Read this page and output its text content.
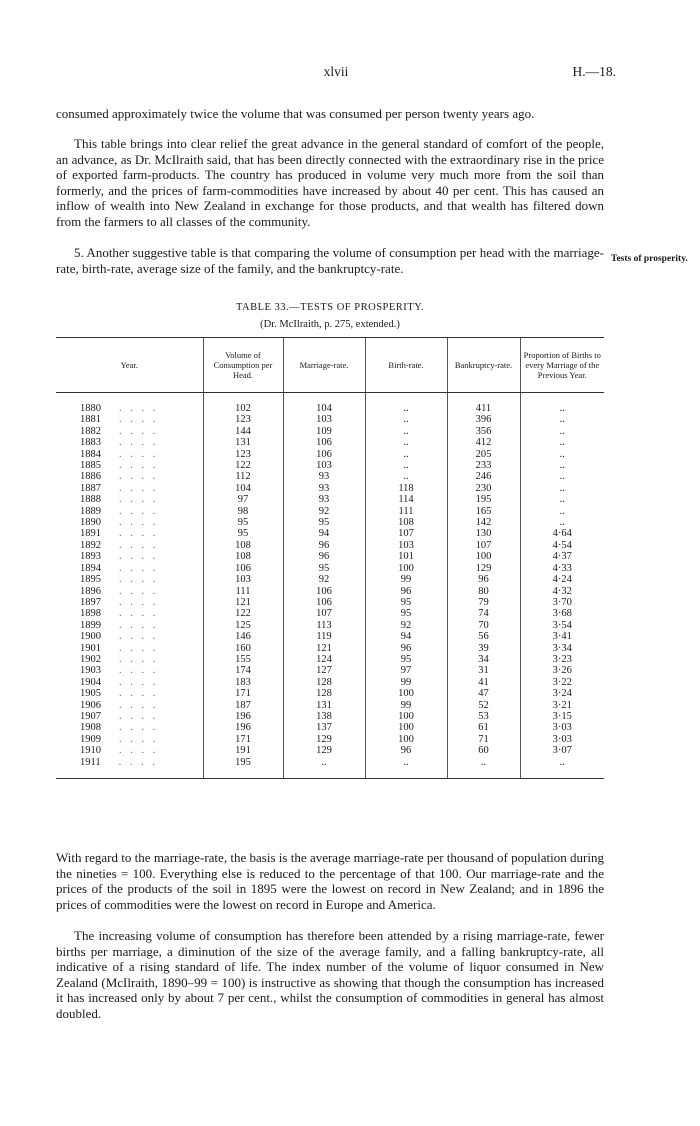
xlvii	H.—18.

consumed approximately twice the volume that was consumed per person twenty years ago.

This table brings into clear relief the great advance in the general standard of comfort of the people, an advance, as Dr. McIlraith said, that has been directly connected with the extraordinary rise in the price of exported farm-products. The country has produced in volume very much more from the soil than formerly, and the prices of farm-commodities have increased by about 40 per cent. This has caused an inflow of wealth into New Zealand in exchange for those products, and that wealth has filtered down from the farmers to all classes of the community.

5. Another suggestive table is that comparing the volume of consumption per head with the marriage-rate, birth-rate, average size of the family, and the bankruptcy-rate.

Tests of prosperity.

TABLE 33.—TESTS OF PROSPERITY.

(Dr. McIlraith, p. 275, extended.)

Year.	Volume of Consumption per Head.	Marriage-rate.	Birth-rate.	Bankruptcy-rate.	Proportion of Births to every Marriage of the Previous Year.
1880 . . . .	102	104	..	411	..
1881 . . . .	123	103	..	396	..
1882 . . . .	144	109	..	356	..
1883 . . . .	131	106	..	412	..
1884 . . . .	123	106	..	205	..
1885 . . . .	122	103	..	233	..
1886 . . . .	112	93	..	246	..
1887 . . . .	104	93	118	230	..
1888 . . . .	97	93	114	195	..
1889 . . . .	98	92	111	165	..
1890 . . . .	95	95	108	142	..
1891 . . . .	95	94	107	130	4·64
1892 . . . .	108	96	103	107	4·54
1893 . . . .	108	96	101	100	4·37
1894 . . . .	106	95	100	129	4·33
1895 . . . .	103	92	99	96	4·24
1896 . . . .	111	106	96	80	4·32
1897 . . . .	121	106	95	79	3·70
1898 . . . .	122	107	95	74	3·68
1899 . . . .	125	113	92	70	3·54
1900 . . . .	146	119	94	56	3·41
1901 . . . .	160	121	96	39	3·34
1902 . . . .	155	124	95	34	3·23
1903 . . . .	174	127	97	31	3·26
1904 . . . .	183	128	99	41	3·22
1905 . . . .	171	128	100	47	3·24
1906 . . . .	187	131	99	52	3·21
1907 . . . .	196	138	100	53	3·15
1908 . . . .	196	137	100	61	3·03
1909 . . . .	171	129	100	71	3·03
1910 . . . .	191	129	96	60	3·07
1911 . . . .	195	..	..	..	..

With regard to the marriage-rate, the basis is the average marriage-rate per thousand of population during the nineties = 100. Everything else is reduced to the percentage of that 100. Our marriage-rate and the prices of the products of the soil in 1895 were the lowest on record in New Zealand; and in 1896 the prices of commodities were the lowest on record in Europe and America.

The increasing volume of consumption has therefore been attended by a rising marriage-rate, fewer births per marriage, a diminution of the size of the average family, and a falling bankruptcy-rate, all indicative of a rising standard of life. The index number of the volume of liquor consumed in New Zealand (McIlraith, 1890–99 = 100) is instructive as showing that though the consumption has increased it has increased only by about 7 per cent., whilst the consumption of commodities in general has almost doubled.
